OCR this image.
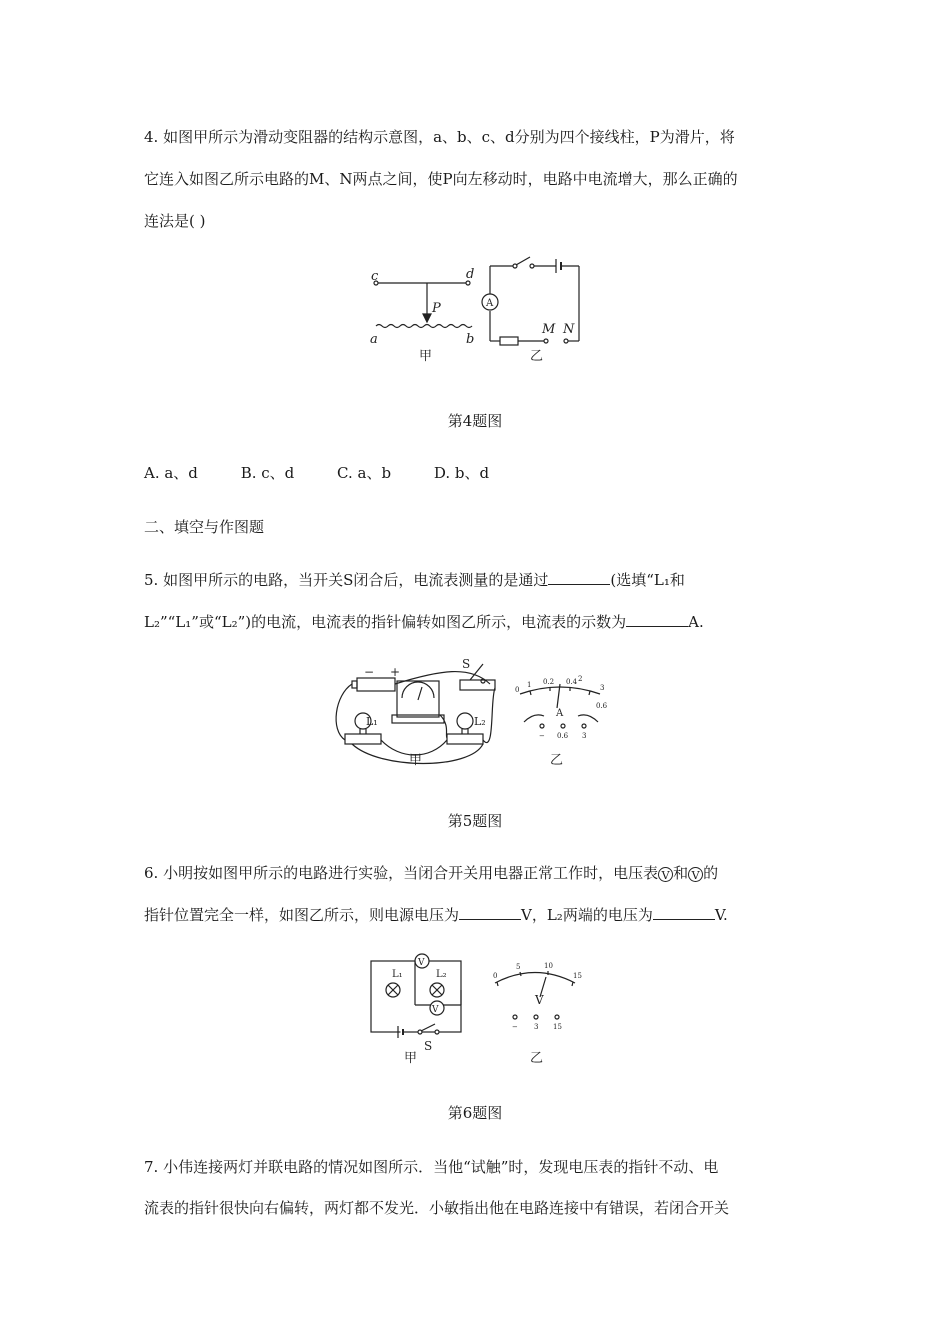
4. 如图甲所示为滑动变阻器的结构示意图，a、b、c、d分别为四个接线柱，P为滑片，将
它连入如图乙所示电路的M、N两点之间，使P向左移动时，电路中电流增大，那么正确的
连法是( )
c	d
a	b
P	A
M N
甲	乙
第4题图
A. a、d	B. c、d	C. a、b	D. b、d
二、填空与作图题
5. 如图甲所示的电路，当开关S闭合后，电流表测量的是通过	(选填“L₁和
L₂”“L₁”或“L₂”)的电流，电流表的指针偏转如图乙所示，电流表的示数为	A.
− +
S
L₁	L₂
0
0.2 0.4
0.6
1
2
3
A
− 0.6 3
甲	乙
第5题图
6. 小明按如图甲所示的电路进行实验，当闭合开关用电器正常工作时，电压表 V 和 V 的
指针位置完全一样，如图乙所示，则电源电压为	V，L₂两端的电压为	V.
V
V
L₁	L₂
S
0
5	10
15
V
− 3 15
甲	乙
第6题图
7. 小伟连接两灯并联电路的情况如图所示．当他“试触”时，发现电压表的指针不动、电
流表的指针很快向右偏转，两灯都不发光．小敏指出他在电路连接中有错误，若闭合开关
